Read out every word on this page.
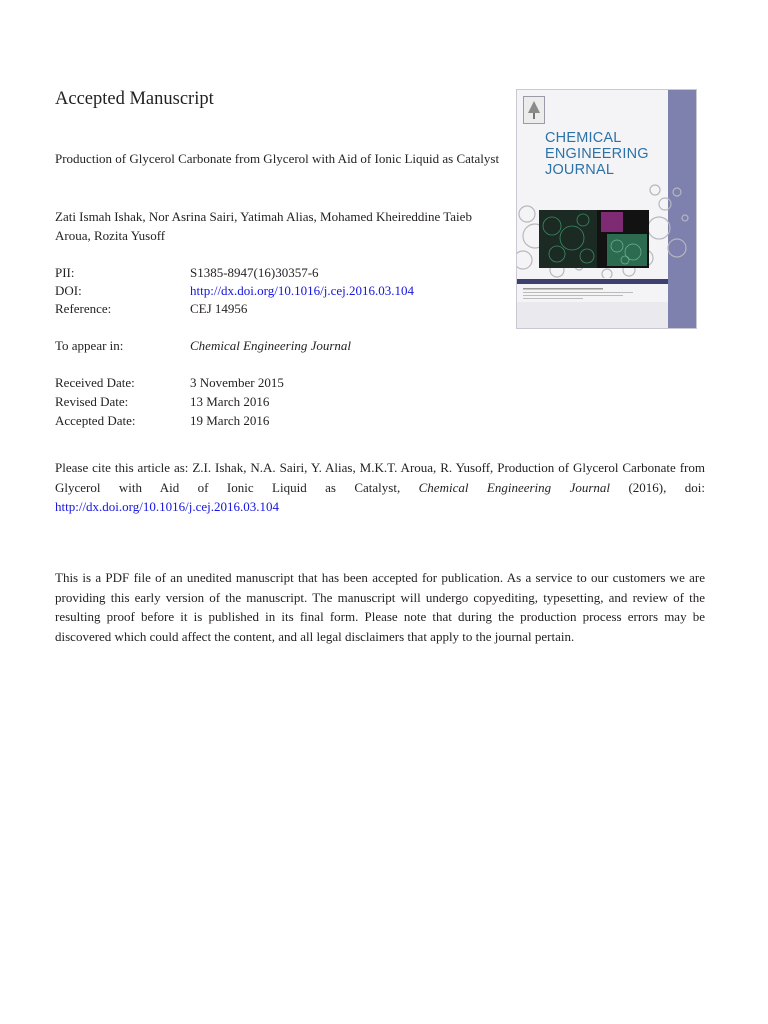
Accepted Manuscript

Production of Glycerol Carbonate from Glycerol with Aid of Ionic Liquid as Catalyst

Zati Ismah Ishak, Nor Asrina Sairi, Yatimah Alias, Mohamed Kheireddine Taieb Aroua, Rozita Yusoff

PII:	S1385-8947(16)30357-6
DOI:	http://dx.doi.org/10.1016/j.cej.2016.03.104
Reference:	CEJ 14956
To appear in:	Chemical Engineering Journal
Received Date:	3 November 2015
Revised Date:	13 March 2016
Accepted Date:	19 March 2016

Please cite this article as: Z.I. Ishak, N.A. Sairi, Y. Alias, M.K.T. Aroua, R. Yusoff, Production of Glycerol Carbonate from Glycerol with Aid of Ionic Liquid as Catalyst, Chemical Engineering Journal (2016), doi: http://dx.doi.org/10.1016/j.cej.2016.03.104

This is a PDF file of an unedited manuscript that has been accepted for publication. As a service to our customers we are providing this early version of the manuscript. The manuscript will undergo copyediting, typesetting, and review of the resulting proof before it is published in its final form. Please note that during the production process errors may be discovered which could affect the content, and all legal disclaimers that apply to the journal pertain.

CHEMICAL
ENGINEERING
JOURNAL
